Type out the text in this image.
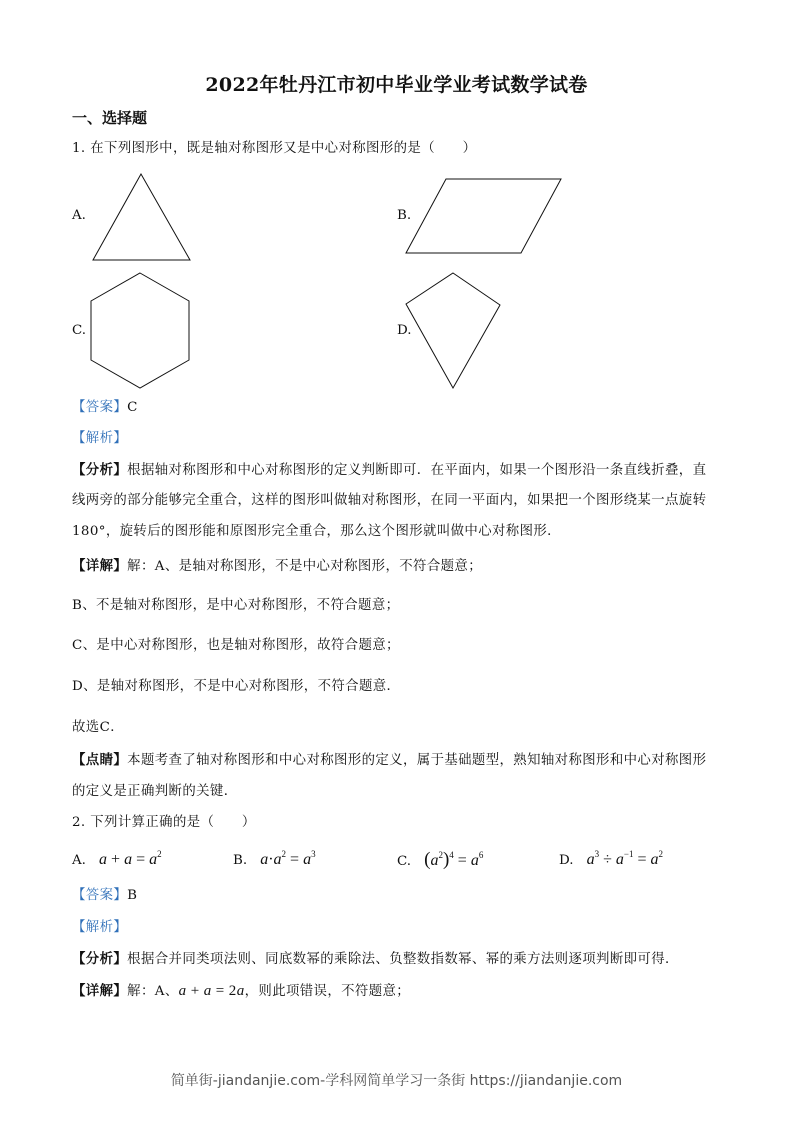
2022年牡丹江市初中毕业学业考试数学试卷
一、选择题
1. 在下列图形中，既是轴对称图形又是中心对称图形的是（　　）
A.	B.
C.	D.
【答案】C
【解析】
【分析】根据轴对称图形和中心对称图形的定义判断即可．在平面内，如果一个图形沿一条直线折叠，直
线两旁的部分能够完全重合，这样的图形叫做轴对称图形，在同一平面内，如果把一个图形绕某一点旋转
180°，旋转后的图形能和原图形完全重合，那么这个图形就叫做中心对称图形．
【详解】解：A、是轴对称图形，不是中心对称图形，不符合题意；
B、不是轴对称图形，是中心对称图形，不符合题意；
C、是中心对称图形，也是轴对称图形，故符合题意；
D、是轴对称图形，不是中心对称图形，不符合题意．
故选C．
【点睛】本题考查了轴对称图形和中心对称图形的定义，属于基础题型，熟知轴对称图形和中心对称图形
的定义是正确判断的关键．
2. 下列计算正确的是（　　）
A. $a + a = a^2$	B. $a\cdot a^2 = a^3$	C. $(a^2)^4 = a^6$	D. $a^3 \div a^{-1} = a^2$
【答案】B
【解析】
【分析】根据合并同类项法则、同底数幂的乘除法、负整数指数幂、幂的乘方法则逐项判断即可得．
【详解】解：A、a + a = 2a，则此项错误，不符题意；
简单街-jiandanjie.com-学科网简单学习一条街 https://jiandanjie.com
